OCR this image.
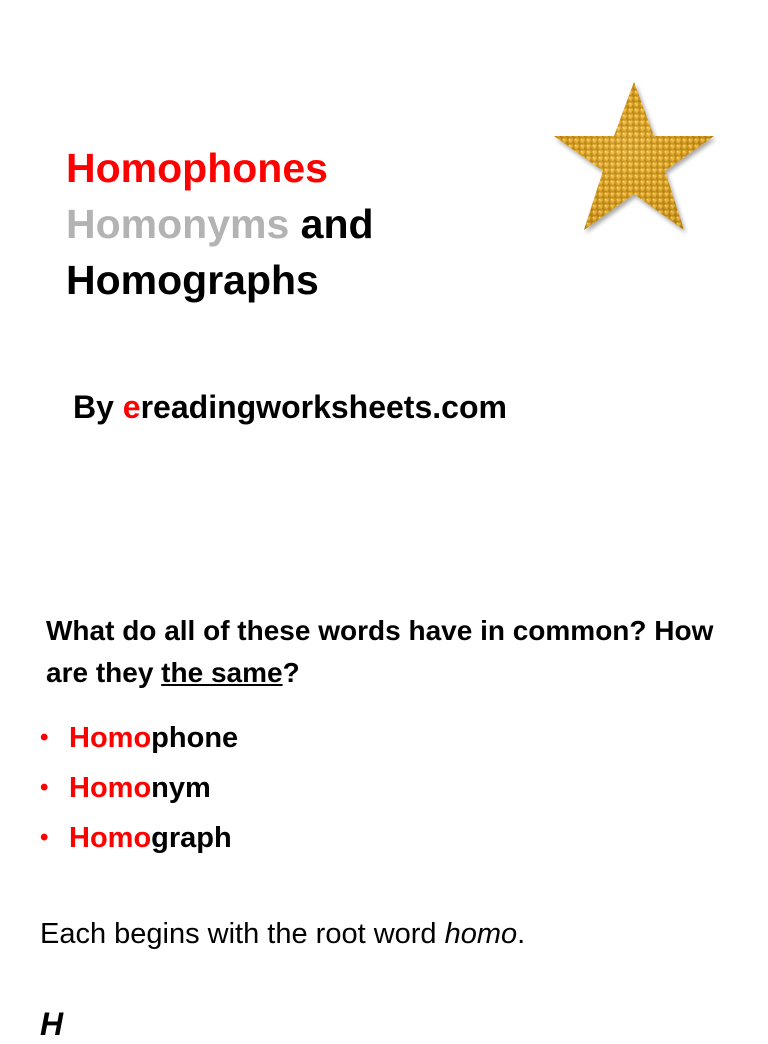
Homophones
Homonyms and
Homographs
By ereadingworksheets.com

What do all of these words have in common? How are they the same?

• Homophone
• Homonym
• Homograph

Each begins with the root word homo.

H
